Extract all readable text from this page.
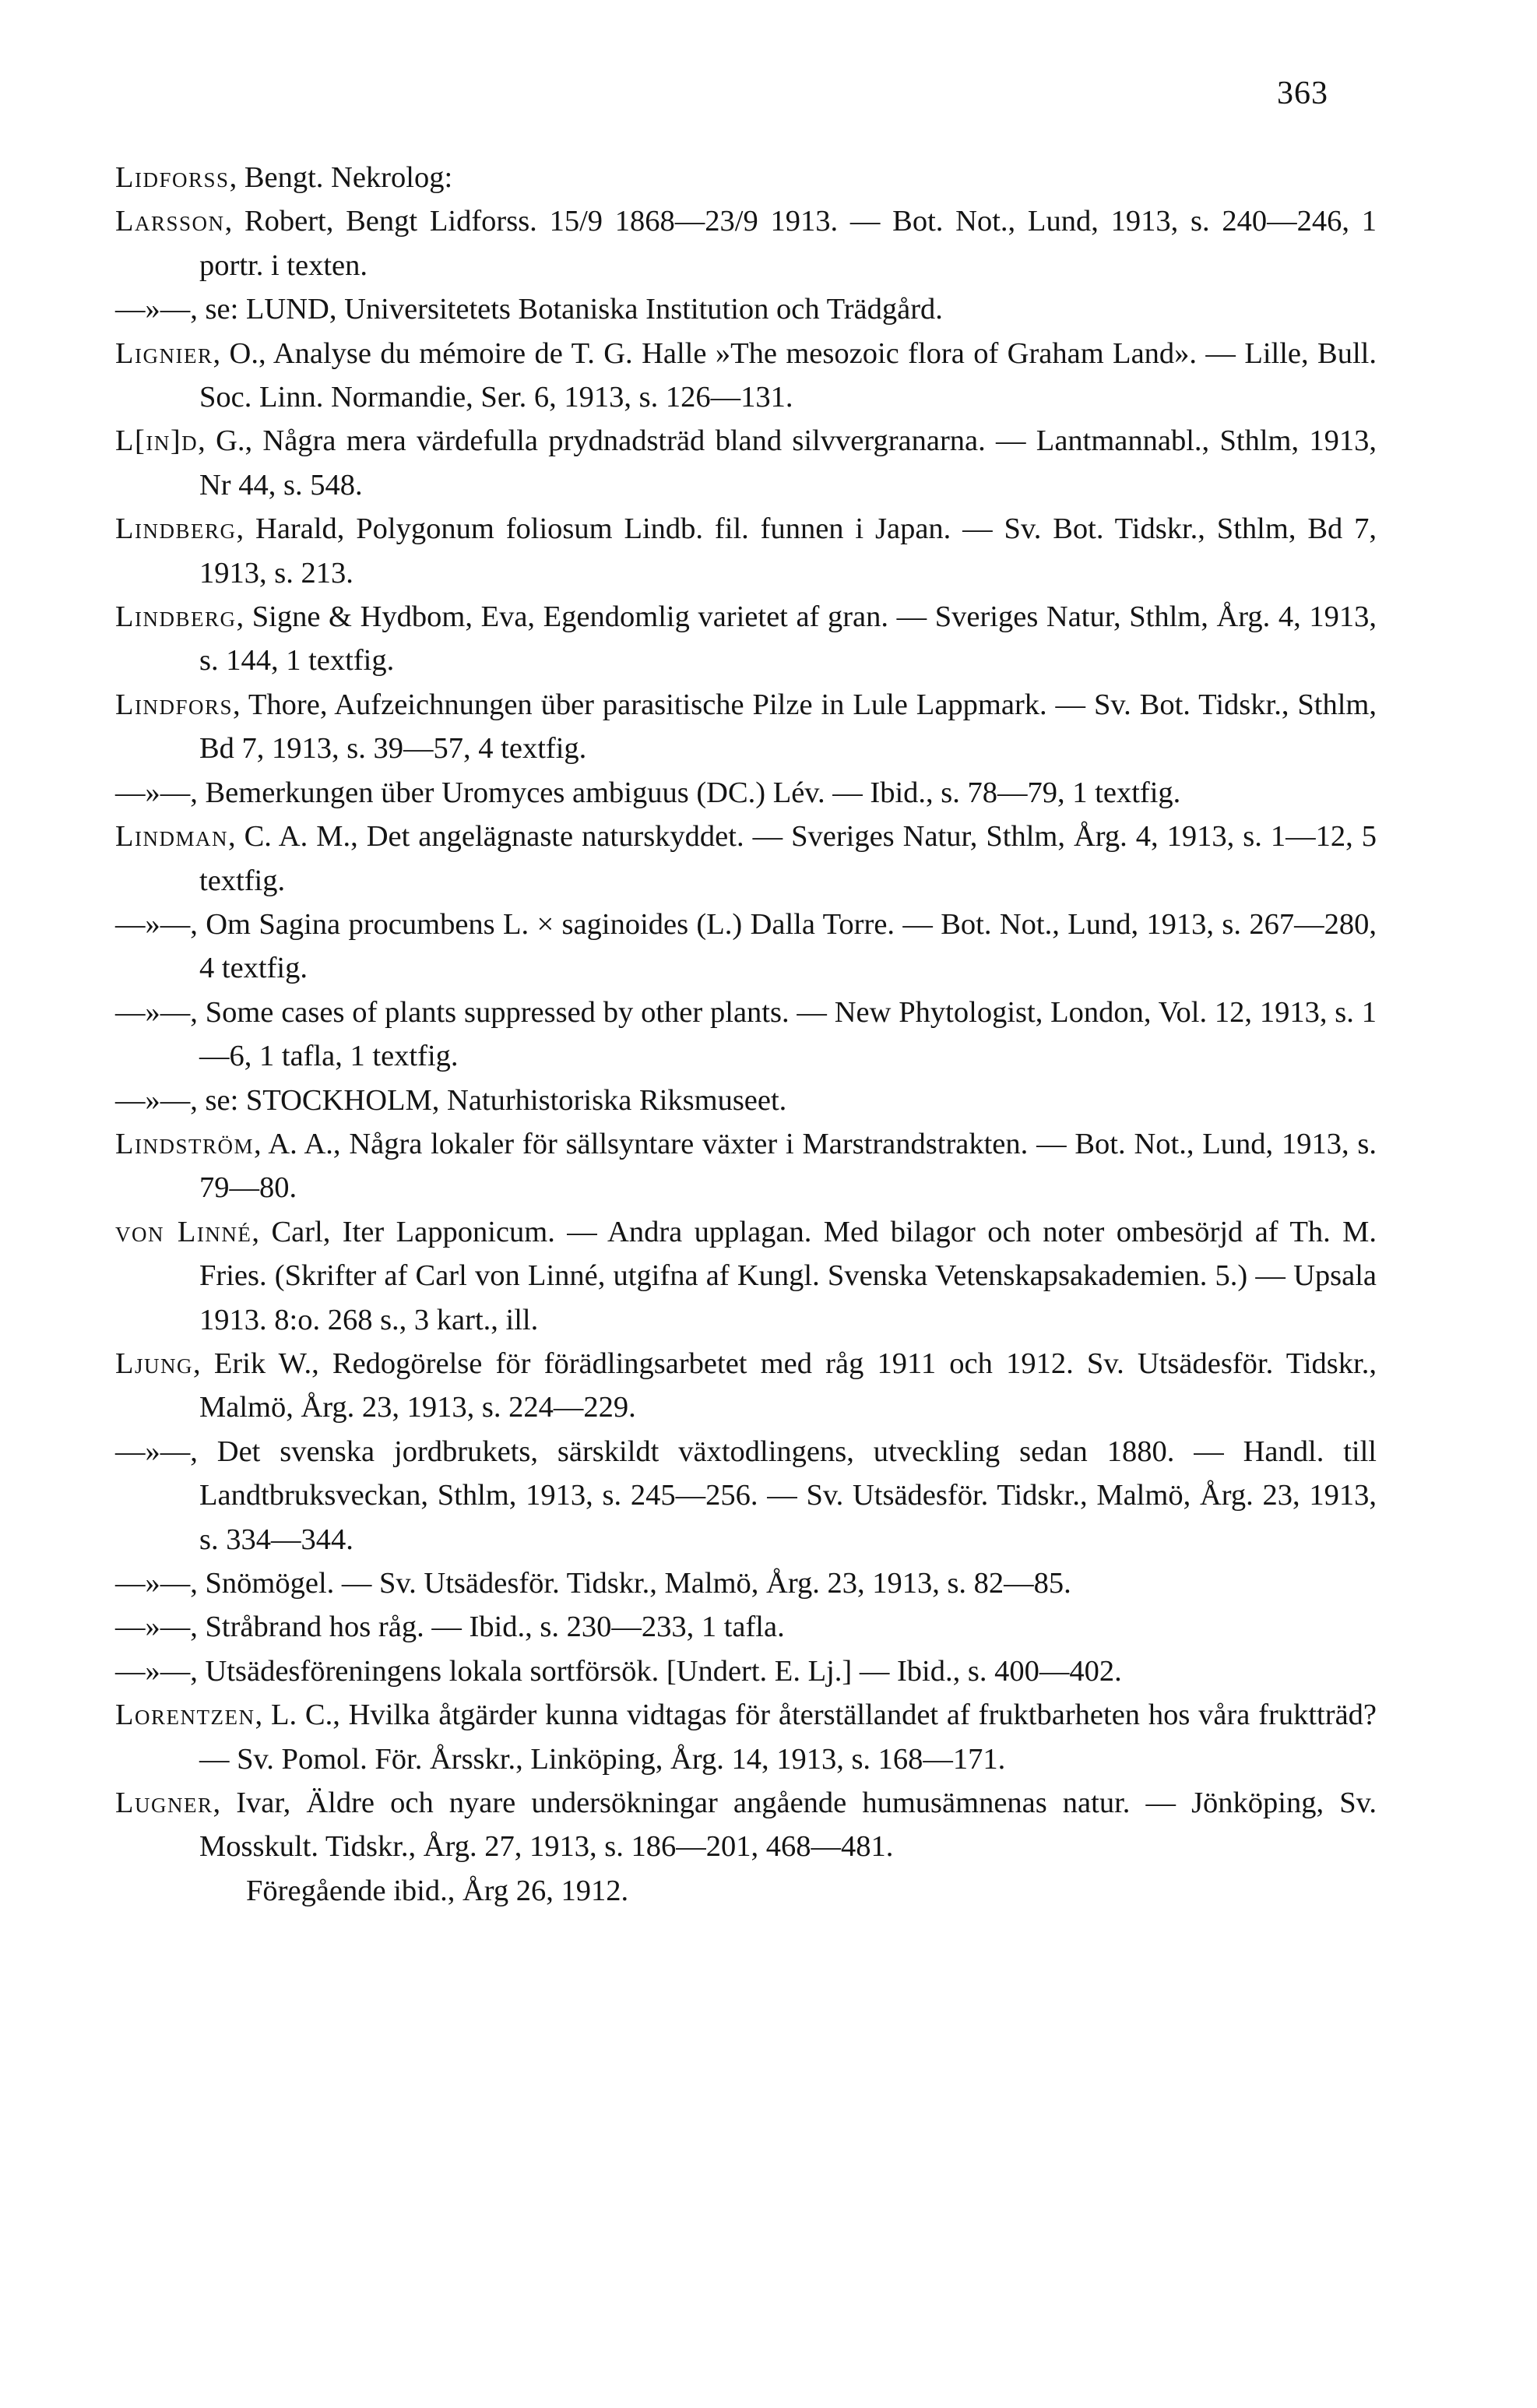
363

Lidforss, Bengt. Nekrolog:

Larsson, Robert, Bengt Lidforss. 15/9 1868—23/9 1913. — Bot. Not., Lund, 1913, s. 240—246, 1 portr. i texten.

—»—, se: LUND, Universitetets Botaniska Institution och Trädgård.

Lignier, O., Analyse du mémoire de T. G. Halle »The mesozoic flora of Graham Land». — Lille, Bull. Soc. Linn. Normandie, Ser. 6, 1913, s. 126—131.

L[in]d, G., Några mera värdefulla prydnadsträd bland silvvergranarna. — Lantmannabl., Sthlm, 1913, Nr 44, s. 548.

Lindberg, Harald, Polygonum foliosum Lindb. fil. funnen i Japan. — Sv. Bot. Tidskr., Sthlm, Bd 7, 1913, s. 213.

Lindberg, Signe & Hydbom, Eva, Egendomlig varietet af gran. — Sveriges Natur, Sthlm, Årg. 4, 1913, s. 144, 1 textfig.

Lindfors, Thore, Aufzeichnungen über parasitische Pilze in Lule Lappmark. — Sv. Bot. Tidskr., Sthlm, Bd 7, 1913, s. 39—57, 4 textfig.

—»—, Bemerkungen über Uromyces ambiguus (DC.) Lév. — Ibid., s. 78—79, 1 textfig.

Lindman, C. A. M., Det angelägnaste naturskyddet. — Sveriges Natur, Sthlm, Årg. 4, 1913, s. 1—12, 5 textfig.

—»—, Om Sagina procumbens L. × saginoides (L.) Dalla Torre. — Bot. Not., Lund, 1913, s. 267—280, 4 textfig.

—»—, Some cases of plants suppressed by other plants. — New Phytologist, London, Vol. 12, 1913, s. 1—6, 1 tafla, 1 textfig.

—»—, se: STOCKHOLM, Naturhistoriska Riksmuseet.

Lindström, A. A., Några lokaler för sällsyntare växter i Marstrandstrakten. — Bot. Not., Lund, 1913, s. 79—80.

von Linné, Carl, Iter Lapponicum. — Andra upplagan. Med bilagor och noter ombesörjd af Th. M. Fries. (Skrifter af Carl von Linné, utgifna af Kungl. Svenska Vetenskapsakademien. 5.) — Upsala 1913. 8:o. 268 s., 3 kart., ill.

Ljung, Erik W., Redogörelse för förädlingsarbetet med råg 1911 och 1912. Sv. Utsädesför. Tidskr., Malmö, Årg. 23, 1913, s. 224—229.

—»—, Det svenska jordbrukets, särskildt växtodlingens, utveckling sedan 1880. — Handl. till Landtbruksveckan, Sthlm, 1913, s. 245—256. — Sv. Utsädesför. Tidskr., Malmö, Årg. 23, 1913, s. 334—344.

—»—, Snömögel. — Sv. Utsädesför. Tidskr., Malmö, Årg. 23, 1913, s. 82—85.

—»—, Stråbrand hos råg. — Ibid., s. 230—233, 1 tafla.

—»—, Utsädesföreningens lokala sortförsök. [Undert. E. Lj.] — Ibid., s. 400—402.

Lorentzen, L. C., Hvilka åtgärder kunna vidtagas för återställandet af fruktbarheten hos våra fruktträd? — Sv. Pomol. För. Årsskr., Linköping, Årg. 14, 1913, s. 168—171.

Lugner, Ivar, Äldre och nyare undersökningar angående humusämnenas natur. — Jönköping, Sv. Mosskult. Tidskr., Årg. 27, 1913, s. 186—201, 468—481.

Föregående ibid., Årg 26, 1912.
